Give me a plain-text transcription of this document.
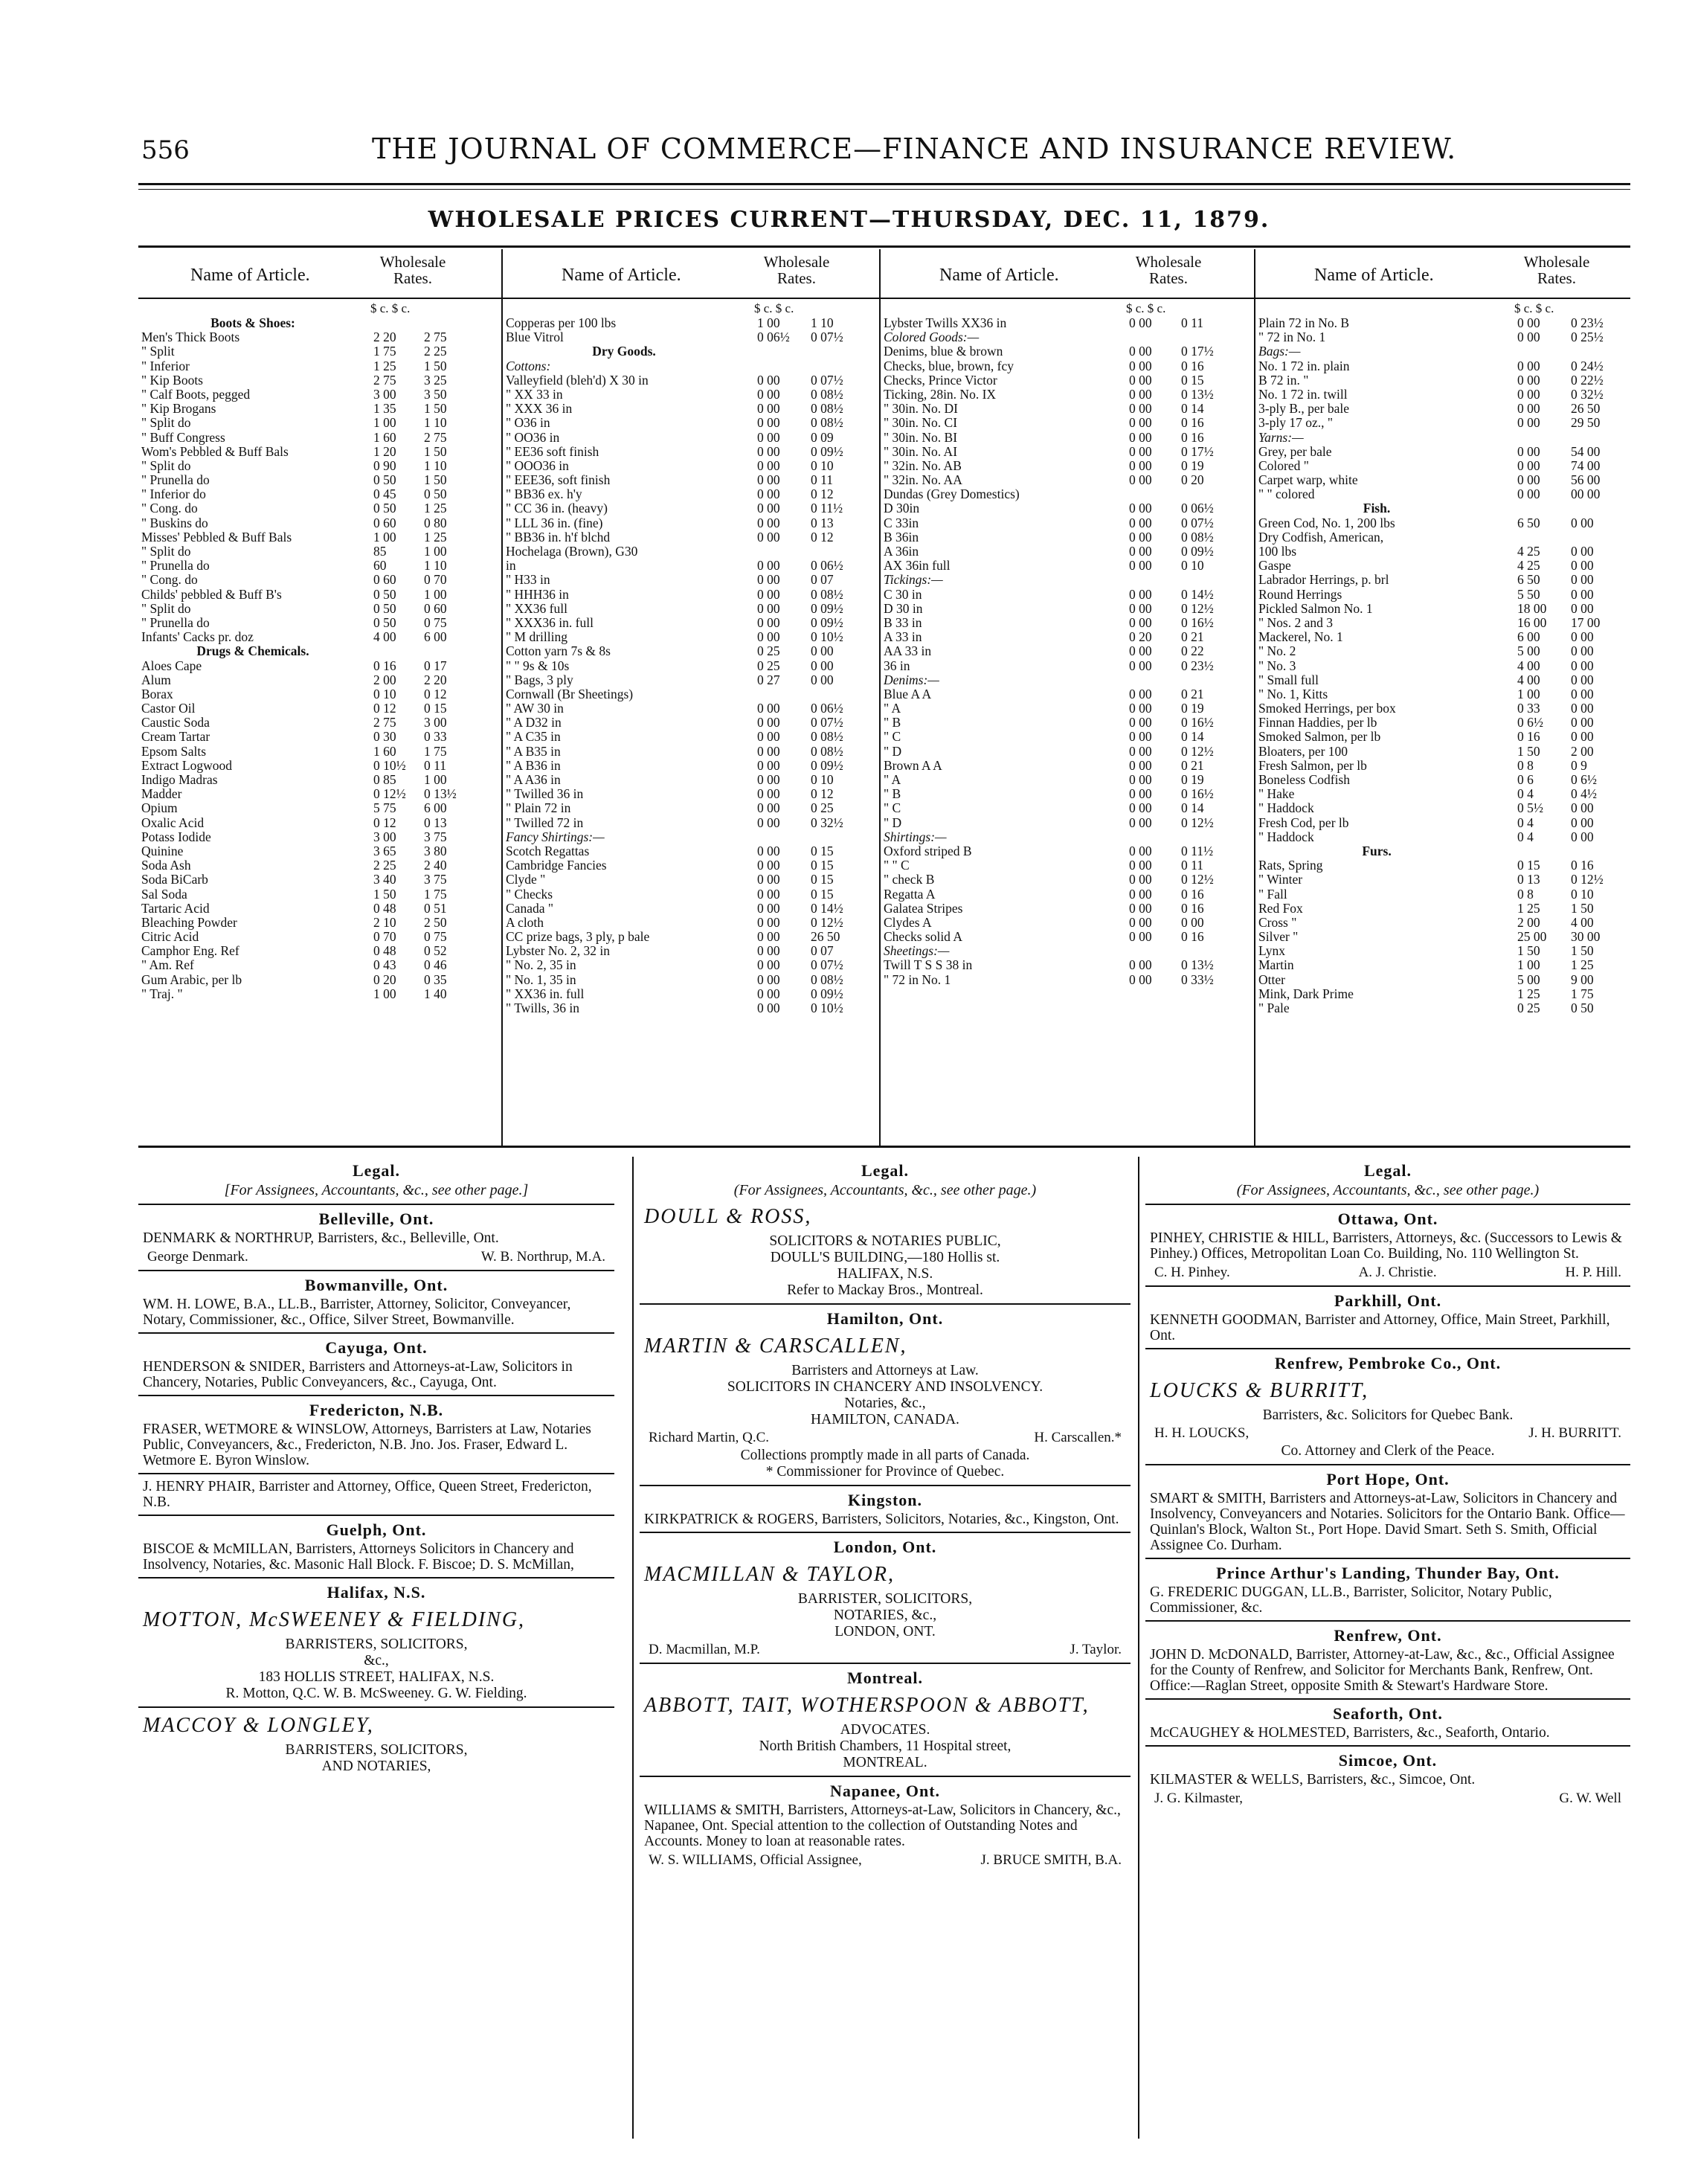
556	THE JOURNAL OF COMMERCE—FINANCE AND INSURANCE REVIEW.
WHOLESALE PRICES CURRENT—THURSDAY, DEC. 11, 1879.
Name of Article.
Wholesale Rates.
$ c. $ c.
Boots & Shoes:
Men's Thick Boots	2 20 2 75
" Split	1 75 2 25
" Inferior	1 25 1 50
" Kip Boots	2 75 3 25
" Calf Boots, pegged	3 00 3 50
" Kip Brogans	1 35 1 50
" Split do	1 00 1 10
" Buff Congress	1 60 2 75
Wom's Pebbled & Buff Bals	1 20 1 50
" Split do	0 90 1 10
" Prunella do	0 50 1 50
" Inferior do	0 45 0 50
" Cong. do	0 50 1 25
" Buskins do	0 60 0 80
Misses' Pebbled & Buff Bals	1 00 1 25
" Split do	85	1 00
" Prunella do	60	1 10
" Cong. do	0 60 0 70
Childs' pebbled & Buff B's	0 50 1 00
" Split do	0 50 0 60
" Prunella do	0 50 0 75
Infants' Cacks pr. doz	4 00 6 00
Drugs & Chemicals.
Aloes Cape	0 16 0 17
Alum	2 00 2 20
Borax	0 10 0 12
Castor Oil	0 12 0 15
Caustic Soda	2 75 3 00
Cream Tartar	0 30 0 33
Epsom Salts	1 60 1 75
Extract Logwood	0 10½ 0 11
Indigo Madras	0 85 1 00
Madder	0 12½ 0 13½
Opium	5 75 6 00
Oxalic Acid	0 12 0 13
Potass Iodide	3 00 3 75
Quinine	3 65 3 80
Soda Ash	2 25 2 40
Soda BiCarb	3 40 3 75
Sal Soda	1 50 1 75
Tartaric Acid	0 48 0 51
Bleaching Powder	2 10 2 50
Citric Acid	0 70 0 75
Camphor Eng. Ref	0 48 0 52
" Am. Ref	0 43 0 46
Gum Arabic, per lb	0 20 0 35
" Traj. "	1 00 1 40
Name of Article.
Wholesale Rates.
$ c. $ c.
Copperas per 100 lbs	1 00 1 10
Blue Vitrol	0 06½ 0 07½
Dry Goods.
Cottons:
Valleyfield (bleh'd) X 30 in	0 00 0 07½
" XX 33 in	0 00 0 08½
" XXX 36 in	0 00 0 08½
" O36 in	0 00 0 08½
" OO36 in	0 00 0 09
" EE36 soft finish	0 00 0 09½
" OOO36 in	0 00 0 10
" EEE36, soft finish	0 00 0 11
" BB36 ex. h'y	0 00 0 12
" CC 36 in. (heavy)	0 00 0 11½
" LLL 36 in. (fine)	0 00 0 13
" BB36 in. h'f blchd	0 00 0 12
Hochelaga (Brown), G30
in	0 00 0 06½
" H33 in	0 00 0 07
" HHH36 in	0 00 0 08½
" XX36 full	0 00 0 09½
" XXX36 in. full	0 00 0 09½
" M drilling	0 00 0 10½
Cotton yarn 7s & 8s	0 25 0 00
" " 9s & 10s	0 25 0 00
" Bags, 3 ply	0 27 0 00
Cornwall (Br Sheetings)
" AW 30 in	0 00 0 06½
" A D32 in	0 00 0 07½
" A C35 in	0 00 0 08½
" A B35 in	0 00 0 08½
" A B36 in	0 00 0 09½
" A A36 in	0 00 0 10
" Twilled 36 in	0 00 0 12
" Plain 72 in	0 00 0 25
" Twilled 72 in	0 00 0 32½
Fancy Shirtings:—
Scotch Regattas	0 00 0 15
Cambridge Fancies	0 00 0 15
Clyde "	0 00 0 15
" Checks	0 00 0 15
Canada "	0 00 0 14½
A cloth	0 00 0 12½
CC prize bags, 3 ply, p bale	0 00 26 50
Lybster No. 2, 32 in	0 00 0 07
" No. 2, 35 in	0 00 0 07½
" No. 1, 35 in	0 00 0 08½
" XX36 in. full	0 00 0 09½
" Twills, 36 in	0 00 0 10½
Name of Article.
Wholesale Rates.
$ c. $ c.
Lybster Twills XX36 in	0 00 0 11
Colored Goods:—
Denims, blue & brown	0 00 0 17½
Checks, blue, brown, fcy	0 00 0 16
Checks, Prince Victor	0 00 0 15
Ticking, 28in. No. IX	0 00 0 13½
" 30in. No. DI	0 00 0 14
" 30in. No. CI	0 00 0 16
" 30in. No. BI	0 00 0 16
" 30in. No. AI	0 00 0 17½
" 32in. No. AB	0 00 0 19
" 32in. No. AA	0 00 0 20
Dundas (Grey Domestics)
D 30in	0 00 0 06½
C 33in	0 00 0 07½
B 36in	0 00 0 08½
A 36in	0 00 0 09½
AX 36in full	0 00 0 10
Tickings:—
C 30 in	0 00 0 14½
D 30 in	0 00 0 12½
B 33 in	0 00 0 16½
A 33 in	0 20 0 21
AA 33 in	0 00 0 22
36 in	0 00 0 23½
Denims:—
Blue A A	0 00 0 21
" A	0 00 0 19
" B	0 00 0 16½
" C	0 00 0 14
" D	0 00 0 12½
Brown A A	0 00 0 21
" A	0 00 0 19
" B	0 00 0 16½
" C	0 00 0 14
" D	0 00 0 12½
Shirtings:—
Oxford striped B	0 00 0 11½
" " C	0 00 0 11
" check B	0 00 0 12½
Regatta A	0 00 0 16
Galatea Stripes	0 00 0 16
Clydes A	0 00 0 00
Checks solid A	0 00 0 16
Sheetings:—
Twill T S S 38 in	0 00 0 13½
" 72 in No. 1	0 00 0 33½
Name of Article.
Wholesale Rates.
$ c. $ c.
Plain 72 in No. B	0 00 0 23½
" 72 in No. 1	0 00 0 25½
Bags:—
No. 1 72 in. plain	0 00 0 24½
B 72 in. "	0 00 0 22½
No. 1 72 in. twill	0 00 0 32½
3-ply B., per bale	0 00 26 50
3-ply 17 oz., "	0 00 29 50
Yarns:—
Grey, per bale	0 00 54 00
Colored "	0 00 74 00
Carpet warp, white	0 00 56 00
" " colored	0 00 00 00
Fish.
Green Cod, No. 1, 200 lbs	6 50 0 00
Dry Codfish, American,
100 lbs	4 25 0 00
Gaspe	4 25 0 00
Labrador Herrings, p. brl	6 50 0 00
Round Herrings	5 50 0 00
Pickled Salmon No. 1	18 00 0 00
" Nos. 2 and 3	16 00 17 00
Mackerel, No. 1	6 00 0 00
" No. 2	5 00 0 00
" No. 3	4 00 0 00
" Small full	4 00 0 00
" No. 1, Kitts	1 00 0 00
Smoked Herrings, per box	0 33 0 00
Finnan Haddies, per lb	0 6½ 0 00
Smoked Salmon, per lb	0 16 0 00
Bloaters, per 100	1 50 2 00
Fresh Salmon, per lb	0 8	0 9
Boneless Codfish	0 6	0 6½
" Hake	0 4	0 4½
" Haddock	0 5½ 0 00
Fresh Cod, per lb	0 4	0 00
" Haddock	0 4	0 00
Furs.
Rats, Spring	0 15 0 16
" Winter	0 13 0 12½
" Fall	0 8	0 10
Red Fox	1 25 1 50
Cross "	2 00 4 00
Silver "	25 00 30 00
Lynx	1 50 1 50
Martin	1 00 1 25
Otter	5 00 9 00
Mink, Dark Prime	1 25 1 75
" Pale	0 25 0 50
Legal.
[For Assignees, Accountants, &c., see other page.]
Belleville, Ont.
DENMARK & NORTHRUP, Barristers, &c., Belleville, Ont.
George Denmark.	W. B. Northrup, M.A.
Bowmanville, Ont.
WM. H. LOWE, B.A., LL.B., Barrister, Attorney, Solicitor, Conveyancer, Notary, Commissioner, &c., Office, Silver Street, Bowmanville.
Cayuga, Ont.
HENDERSON & SNIDER, Barristers and Attorneys-at-Law, Solicitors in Chancery, Notaries, Public Conveyancers, &c., Cayuga, Ont.
Fredericton, N.B.
FRASER, WETMORE & WINSLOW, Attorneys, Barristers at Law, Notaries Public, Conveyancers, &c., Fredericton, N.B. Jno. Jos. Fraser, Edward L. Wetmore E. Byron Winslow.
J. HENRY PHAIR, Barrister and Attorney, Office, Queen Street, Fredericton, N.B.
Guelph, Ont.
BISCOE & McMILLAN, Barristers, Attorneys Solicitors in Chancery and Insolvency, Notaries, &c. Masonic Hall Block. F. Biscoe; D. S. McMillan,
Halifax, N.S.
MOTTON, McSWEENEY & FIELDING,
BARRISTERS, SOLICITORS,
&c.,
183 HOLLIS STREET, HALIFAX, N.S.
R. Motton, Q.C. W. B. McSweeney. G. W. Fielding.
MACCOY & LONGLEY,
BARRISTERS, SOLICITORS,
AND NOTARIES,
Legal.
(For Assignees, Accountants, &c., see other page.)
DOULL & ROSS,
SOLICITORS & NOTARIES PUBLIC,
DOULL'S BUILDING,—180 Hollis st.
HALIFAX, N.S.
Refer to Mackay Bros., Montreal.
Hamilton, Ont.
MARTIN & CARSCALLEN,
Barristers and Attorneys at Law.
SOLICITORS IN CHANCERY AND INSOLVENCY.
Notaries, &c.,
HAMILTON, CANADA.
Richard Martin, Q.C.	H. Carscallen.*
Collections promptly made in all parts of Canada.
* Commissioner for Province of Quebec.
Kingston.
KIRKPATRICK & ROGERS, Barristers, Solicitors, Notaries, &c., Kingston, Ont.
London, Ont.
MACMILLAN & TAYLOR,
BARRISTER, SOLICITORS,
NOTARIES, &c.,
LONDON, ONT.
D. Macmillan, M.P.	J. Taylor.
Montreal.
ABBOTT, TAIT, WOTHERSPOON & ABBOTT,
ADVOCATES.
North British Chambers, 11 Hospital street,
MONTREAL.
Napanee, Ont.
WILLIAMS & SMITH, Barristers, Attorneys-at-Law, Solicitors in Chancery, &c., Napanee, Ont. Special attention to the collection of Outstanding Notes and Accounts. Money to loan at reasonable rates.
W. S. WILLIAMS, Official Assignee,	J. BRUCE SMITH, B.A.
Legal.
(For Assignees, Accountants, &c., see other page.)
Ottawa, Ont.
PINHEY, CHRISTIE & HILL, Barristers, Attorneys, &c. (Successors to Lewis & Pinhey.) Offices, Metropolitan Loan Co. Building, No. 110 Wellington St.
C. H. Pinhey.	A. J. Christie.	H. P. Hill.
Parkhill, Ont.
KENNETH GOODMAN, Barrister and Attorney, Office, Main Street, Parkhill, Ont.
Renfrew, Pembroke Co., Ont.
LOUCKS & BURRITT,
Barristers, &c. Solicitors for Quebec Bank.
H. H. LOUCKS,	J. H. BURRITT.
Co. Attorney and Clerk of the Peace.
Port Hope, Ont.
SMART & SMITH, Barristers and Attorneys-at-Law, Solicitors in Chancery and Insolvency, Conveyancers and Notaries. Solicitors for the Ontario Bank. Office—Quinlan's Block, Walton St., Port Hope. David Smart. Seth S. Smith, Official Assignee Co. Durham.
Prince Arthur's Landing, Thunder Bay, Ont.
G. FREDERIC DUGGAN, LL.B., Barrister, Solicitor, Notary Public, Commissioner, &c.
Renfrew, Ont.
JOHN D. McDONALD, Barrister, Attorney-at-Law, &c., &c., Official Assignee for the County of Renfrew, and Solicitor for Merchants Bank, Renfrew, Ont. Office:—Raglan Street, opposite Smith & Stewart's Hardware Store.
Seaforth, Ont.
McCAUGHEY & HOLMESTED, Barristers, &c., Seaforth, Ontario.
Simcoe, Ont.
KILMASTER & WELLS, Barristers, &c., Simcoe, Ont.
J. G. Kilmaster,	G. W. Well
